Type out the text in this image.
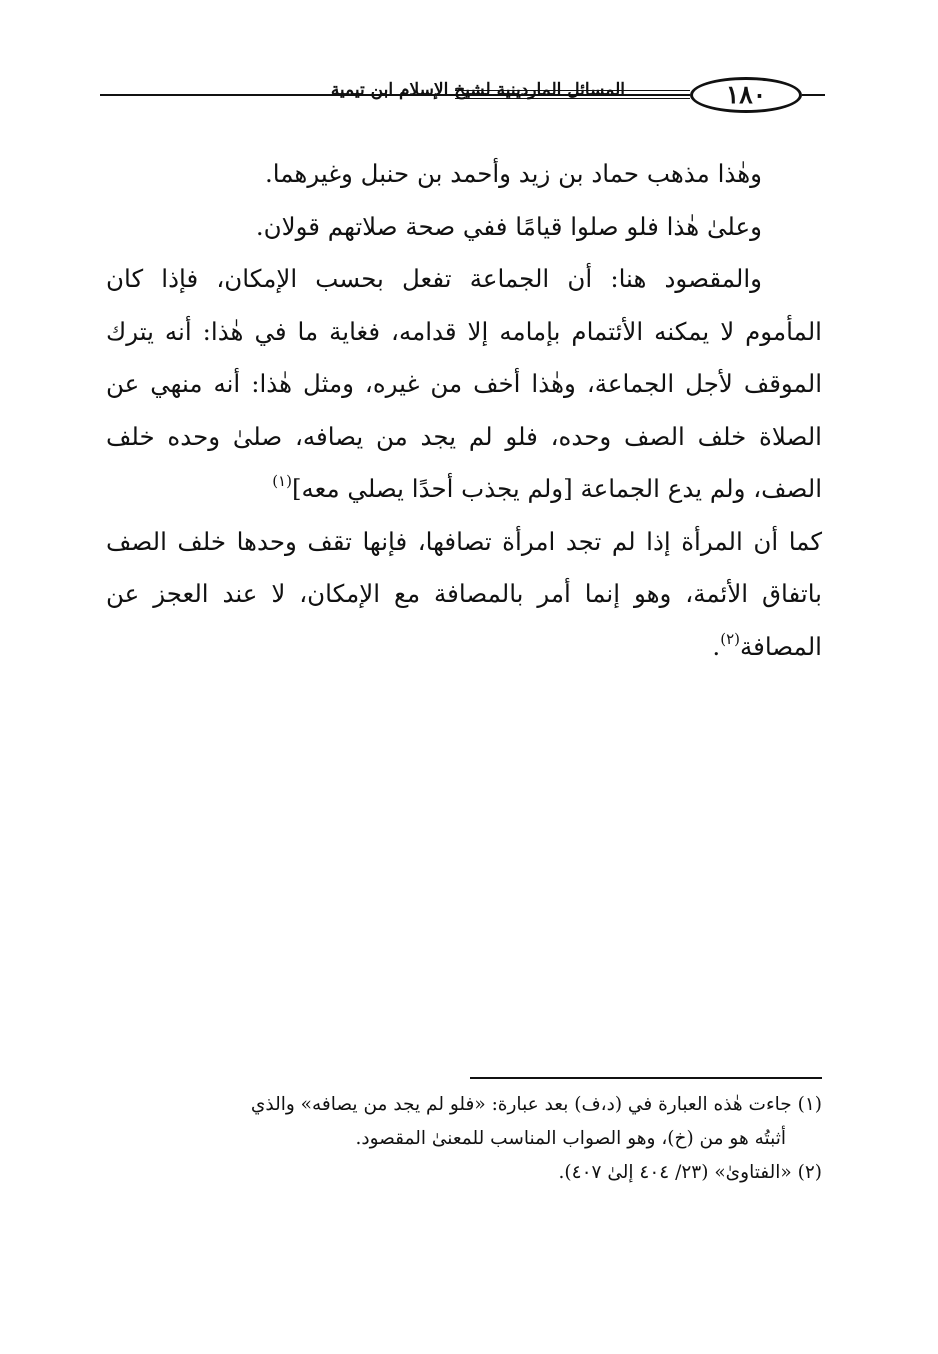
١٨٠
المسائل الماردينية لشيخ الإسلام ابن تيمية

وهٰذا مذهب حماد بن زيد وأحمد بن حنبل وغيرهما.

وعلىٰ هٰذا فلو صلوا قيامًا ففي صحة صلاتهم قولان.

والمقصود هنا: أن الجماعة تفعل بحسب الإمكان، فإذا كان المأموم لا يمكنه الأئتمام بإمامه إلا قدامه، فغاية ما في هٰذا: أنه يترك الموقف لأجل الجماعة، وهٰذا أخف من غيره، ومثل هٰذا: أنه منهي عن الصلاة خلف الصف وحده، فلو لم يجد من يصافه، صلىٰ وحده خلف الصف، ولم يدع الجماعة [ولم يجذب أحدًا يصلي معه]$^{(١)}$

كما أن المرأة إذا لم تجد امرأة تصافها، فإنها تقف وحدها خلف الصف باتفاق الأئمة، وهو إنما أمر بالمصافة مع الإمكان، لا عند العجز عن المصافة$^{(٢)}$.

(١) جاءت هٰذه العبارة في (د،ف) بعد عبارة: «فلو لم يجد من يصافه» والذي

أثبتُه هو من (خ)، وهو الصواب المناسب للمعنىٰ المقصود.

(٢) «الفتاوىٰ» (٢٣/ ٤٠٤ إلىٰ ٤٠٧).
